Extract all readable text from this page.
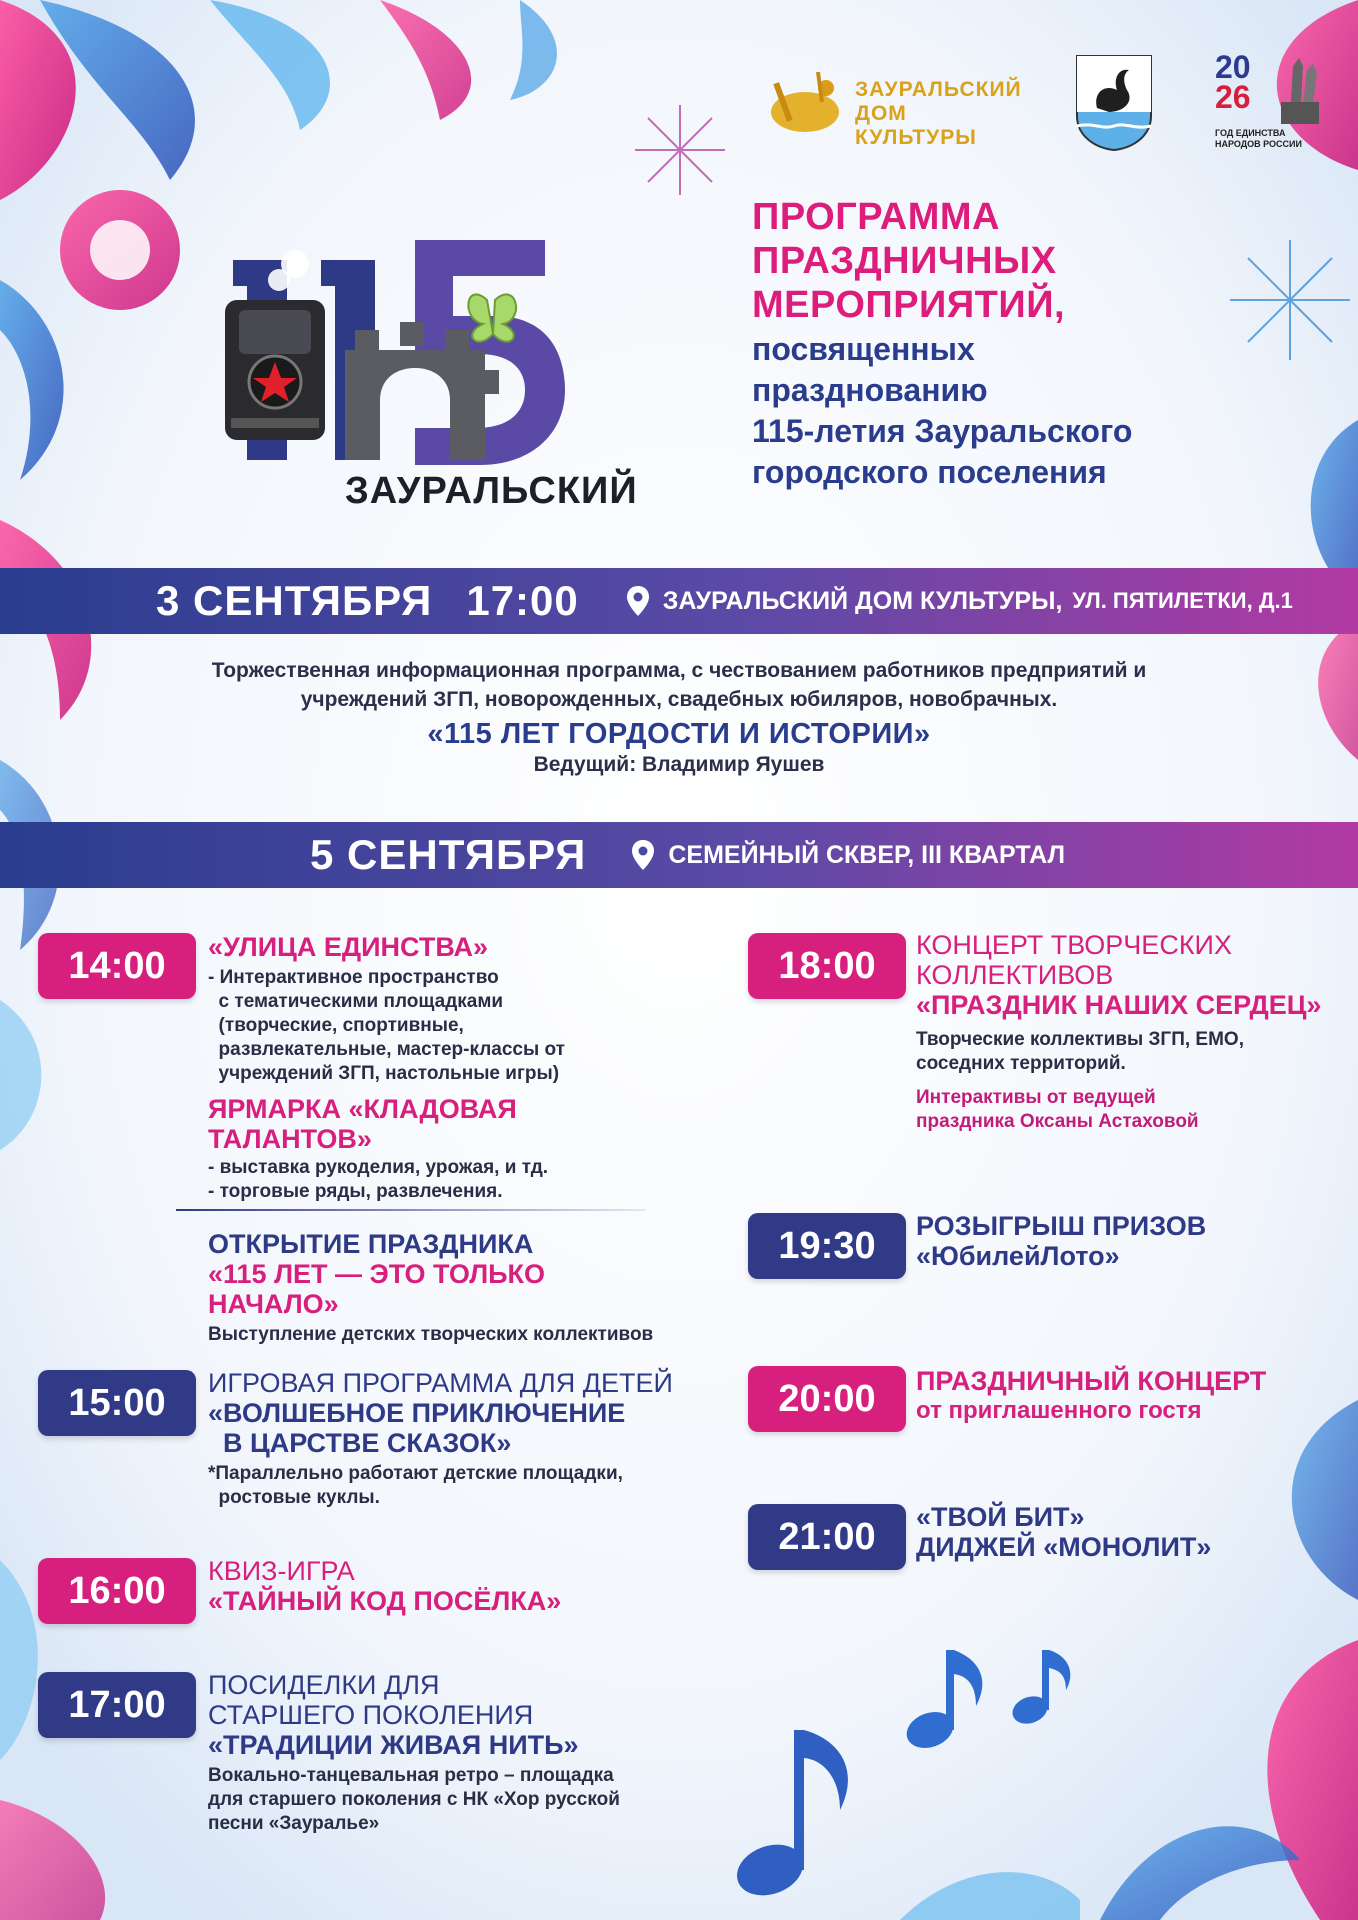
ЗАУРАЛЬСКИЙ ДОМ КУЛЬТУРЫ
20
26
ГОД ЕДИНСТВА НАРОДОВ РОССИИ
ЗАУРАЛЬСКИЙ
ПРОГРАММА
ПРАЗДНИЧНЫХ
МЕРОПРИЯТИЙ,
посвященных
празднованию
115-летия Зауральского
городского поселения
3 СЕНТЯБРЯ 17:00	ЗАУРАЛЬСКИЙ ДОМ КУЛЬТУРЫ, УЛ. ПЯТИЛЕТКИ, Д.1
Торжественная информационная программа, с чествованием работников предприятий и
учреждений ЗГП, новорожденных, свадебных юбиляров, новобрачных.
«115 ЛЕТ ГОРДОСТИ И ИСТОРИИ»
Ведущий: Владимир Яушев
5 СЕНТЯБРЯ	СЕМЕЙНЫЙ СКВЕР, III КВАРТАЛ
14:00	«УЛИЦА ЕДИНСТВА»
- Интерактивное пространство
с тематическими площадками
(творческие, спортивные,
развлекательные, мастер-классы от
учреждений ЗГП, настольные игры)
ЯРМАРКА «КЛАДОВАЯ ТАЛАНТОВ»
- выставка рукоделия, урожая, и тд.
- торговые ряды, развлечения.
ОТКРЫТИЕ ПРАЗДНИКА
«115 ЛЕТ — ЭТО ТОЛЬКО НАЧАЛО»
Выступление детских творческих коллективов
15:00	ИГРОВАЯ ПРОГРАММА ДЛЯ ДЕТЕЙ
«ВОЛШЕБНОЕ ПРИКЛЮЧЕНИЕ
В ЦАРСТВЕ СКАЗОК»
*Параллельно работают детские площадки,
ростовые куклы.
16:00	КВИЗ-ИГРА
«ТАЙНЫЙ КОД ПОСЁЛКА»
17:00	ПОСИДЕЛКИ ДЛЯ
СТАРШЕГО ПОКОЛЕНИЯ
«ТРАДИЦИИ ЖИВАЯ НИТЬ»
Вокально-танцевальная ретро – площадка
для старшего поколения с НК «Хор русской
песни «Зауралье»
18:00	КОНЦЕРТ ТВОРЧЕСКИХ
КОЛЛЕКТИВОВ
«ПРАЗДНИК НАШИХ СЕРДЕЦ»
Творческие коллективы ЗГП, ЕМО,
соседних территорий.
Интерактивы от ведущей
праздника Оксаны Астаховой
19:30	РОЗЫГРЫШ ПРИЗОВ
«ЮбилейЛото»
20:00	ПРАЗДНИЧНЫЙ КОНЦЕРТ
от приглашенного гостя
21:00	«ТВОЙ БИТ»
ДИДЖЕЙ «МОНОЛИТ»
